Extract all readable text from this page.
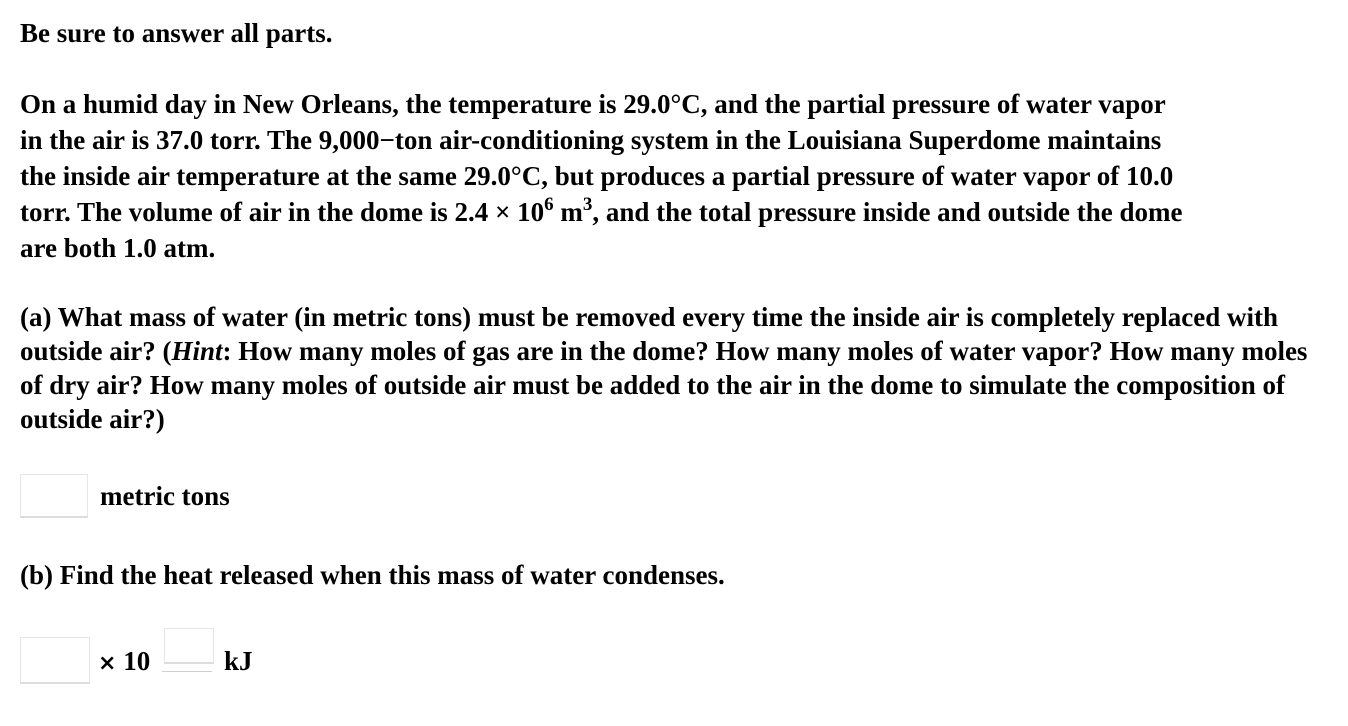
Be sure to answer all parts.
On a humid day in New Orleans, the temperature is 29.0°C, and the partial pressure of water vapor
in the air is 37.0 torr. The 9,000−ton air-conditioning system in the Louisiana Superdome maintains
the inside air temperature at the same 29.0°C, but produces a partial pressure of water vapor of 10.0
torr. The volume of air in the dome is $2.4 \times 10^6$ $m^3$, and the total pressure inside and outside the dome
are both 1.0 atm.
(a) What mass of water (in metric tons) must be removed every time the inside air is completely replaced with outside air? (Hint: How many moles of gas are in the dome? How many moles of water vapor? How many moles of dry air? How many moles of outside air must be added to the air in the dome to simulate the composition of outside air?)
metric tons
(b) Find the heat released when this mass of water condenses.
× 10	kJ
